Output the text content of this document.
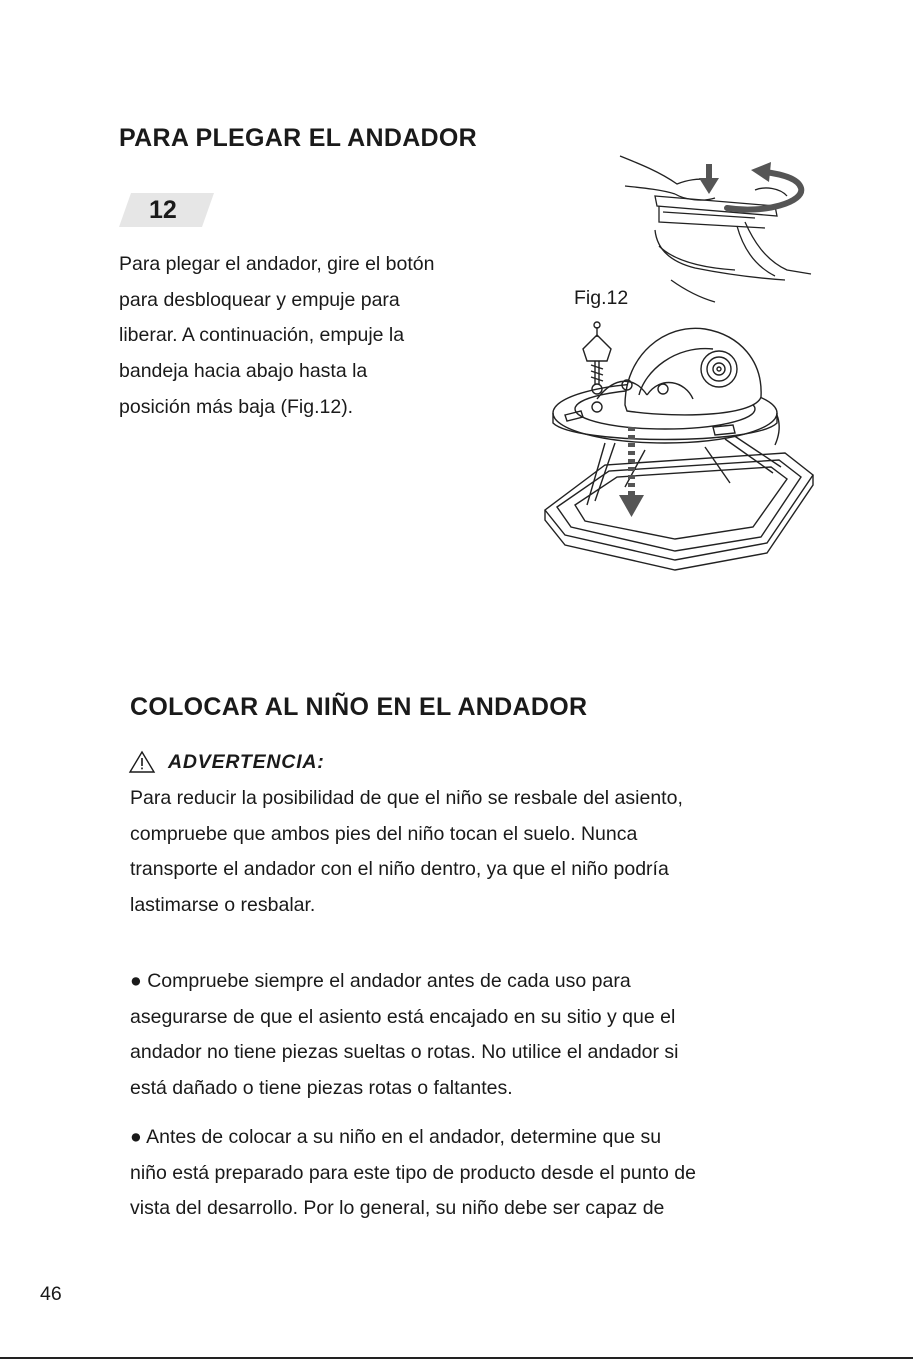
PARA PLEGAR EL ANDADOR
12
Para plegar el andador, gire el botón
para desbloquear y empuje para
liberar. A continuación, empuje la
bandeja hacia abajo hasta la
posición más baja (Fig.12).
Fig.12
COLOCAR AL NIÑO EN EL ANDADOR
ADVERTENCIA:
Para reducir la posibilidad de que el niño se resbale del asiento,
compruebe que ambos pies del niño tocan el suelo. Nunca
transporte el andador con el niño dentro, ya que el niño podría
lastimarse o resbalar.
● Compruebe siempre el andador antes de cada uso para
asegurarse de que el asiento está encajado en su sitio y que el
andador no tiene piezas sueltas o rotas. No utilice el andador si
está dañado o tiene piezas rotas o faltantes.
● Antes de colocar a su niño en el andador, determine que su
niño está preparado para este tipo de producto desde el punto de
vista del desarrollo. Por lo general, su niño debe ser capaz de
46
